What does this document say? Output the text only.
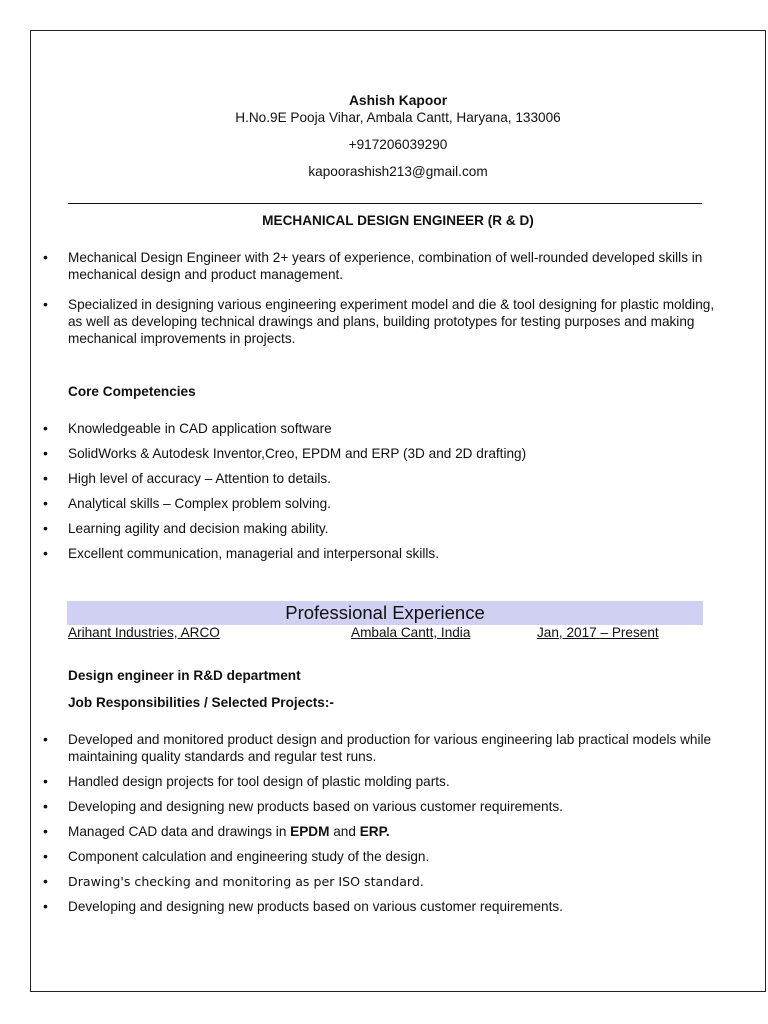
Ashish Kapoor

H.No.9E Pooja Vihar, Ambala Cantt, Haryana, 133006

+917206039290

kapoorashish213@gmail.com

MECHANICAL DESIGN ENGINEER (R & D)

• Mechanical Design Engineer with 2+ years of experience, combination of well-rounded developed skills in mechanical design and product management.
• Specialized in designing various engineering experiment model and die & tool designing for plastic molding, as well as developing technical drawings and plans, building prototypes for testing purposes and making mechanical improvements in projects.

Core Competencies

• Knowledgeable in CAD application software
• SolidWorks & Autodesk Inventor,Creo, EPDM and ERP (3D and 2D drafting)
• High level of accuracy – Attention to details.
• Analytical skills – Complex problem solving.
• Learning agility and decision making ability.
• Excellent communication, managerial and interpersonal skills.
Professional Experience
Arihant Industries, ARCO	Ambala Cantt, India	Jan, 2017 – Present

Design engineer in R&D department

Job Responsibilities / Selected Projects:-

• Developed and monitored product design and production for various engineering lab practical models while maintaining quality standards and regular test runs.
• Handled design projects for tool design of plastic molding parts.
• Developing and designing new products based on various customer requirements.
• Managed CAD data and drawings in EPDM and ERP.
• Component calculation and engineering study of the design.
• Drawing's checking and monitoring as per ISO standard.
• Developing and designing new products based on various customer requirements.
